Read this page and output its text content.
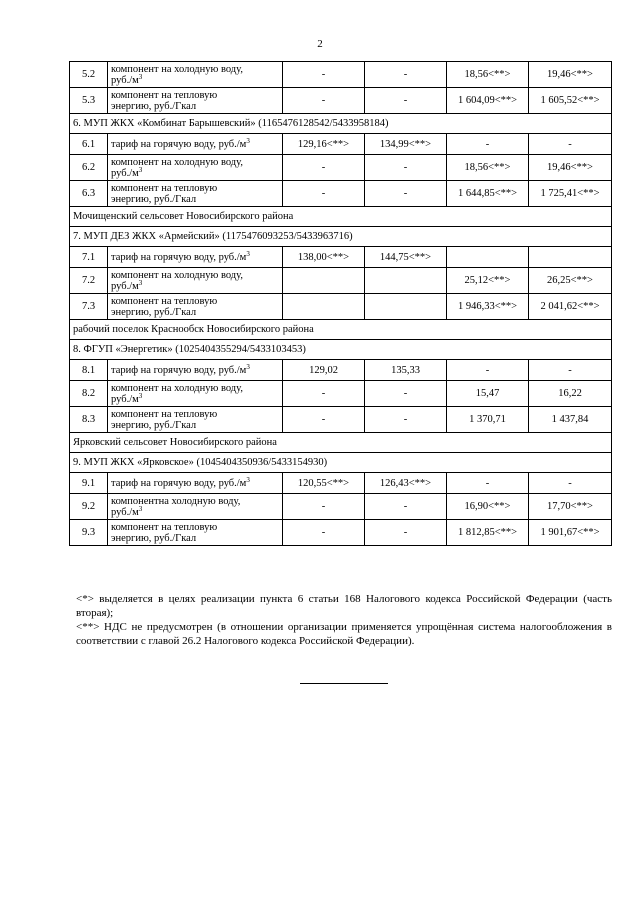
2
5.2	компонент на холодную воду,
$руб./м^3$	-	-	18,56<**>	19,46<**>
5.3	компонент на тепловую
энергию, руб./Гкал	-	-	1 604,09<**>	1 605,52<**>
6. МУП ЖКХ «Комбинат Барышевский» (1165476128542/5433958184)					
6.1	тариф на горячую воду, $руб./м^3$	129,16<**>	134,99<**>	-	-
6.2	компонент на холодную воду,
$руб./м^3$	-	-	18,56<**>	19,46<**>
6.3	компонент на тепловую
энергию, руб./Гкал	-	-	1 644,85<**>	1 725,41<**>
Мочищенский сельсовет Новосибирского района					
7. МУП ДЕЗ ЖКХ «Армейский» (1175476093253/5433963716)					
7.1	тариф на горячую воду, $руб./м^3$	138,00<**>	144,75<**>		
7.2	компонент на холодную воду,
$руб./м^3$			25,12<**>	26,25<**>
7.3	компонент на тепловую
энергию, руб./Гкал			1 946,33<**>	2 041,62<**>
рабочий поселок Краснообск Новосибирского района					
8. ФГУП «Энергетик» (1025404355294/5433103453)					
8.1	тариф на горячую воду, $руб./м^3$	129,02	135,33	-	-
8.2	компонент на холодную воду,
$руб./м^3$	-	-	15,47	16,22
8.3	компонент на тепловую
энергию, руб./Гкал	-	-	1 370,71	1 437,84
Ярковский сельсовет Новосибирского района					
9. МУП ЖКХ «Ярковское» (1045404350936/5433154930)					
9.1	тариф на горячую воду, $руб./м^3$	120,55<**>	126,43<**>	-	-
9.2	компонентна холодную воду,
$руб./м^3$	-	-	16,90<**>	17,70<**>
9.3	компонент на тепловую
энергию, руб./Гкал	-	-	1 812,85<**>	1 901,67<**>

<*> выделяется в целях реализации пункта 6 статьи 168 Налогового кодекса Российской Федерации (часть вторая);

<**> НДС не предусмотрен (в отношении организации применяется упрощённая система налогообложения в соответствии с главой 26.2 Налогового кодекса Российской Федерации).
